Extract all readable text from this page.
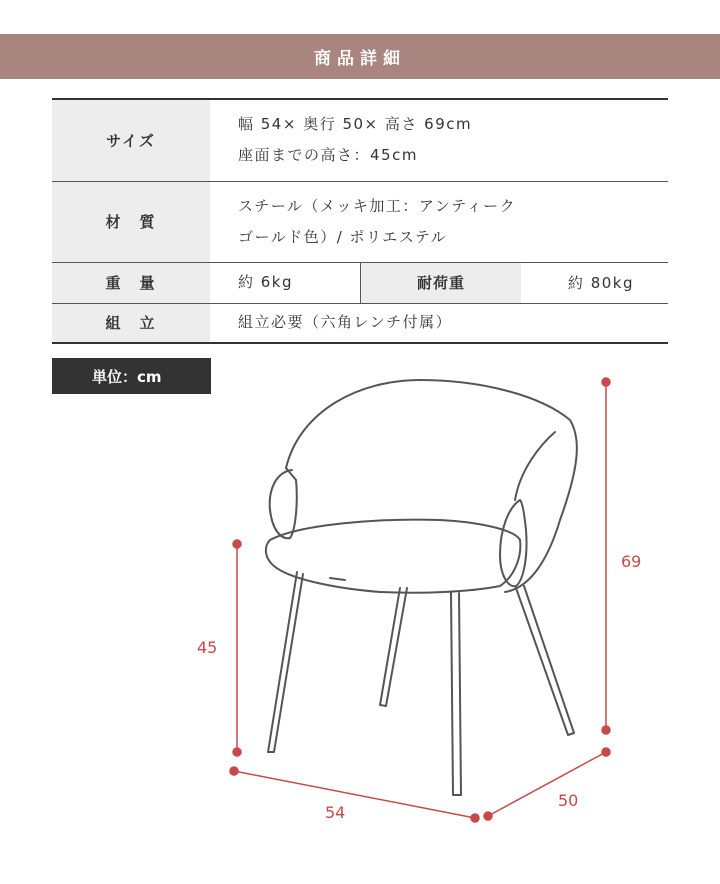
商品詳細
サイズ	幅 54× 奥行 50× 高さ 69cm
座面までの高さ：45cm		

材　質	スチール（メッキ加工：アンティーク
ゴールド色）/ ポリエステル		

重　量	約 6kg	耐荷重	約 80kg
組　立	組立必要（六角レンチ付属）		
単位：cm
69
45
54
50
